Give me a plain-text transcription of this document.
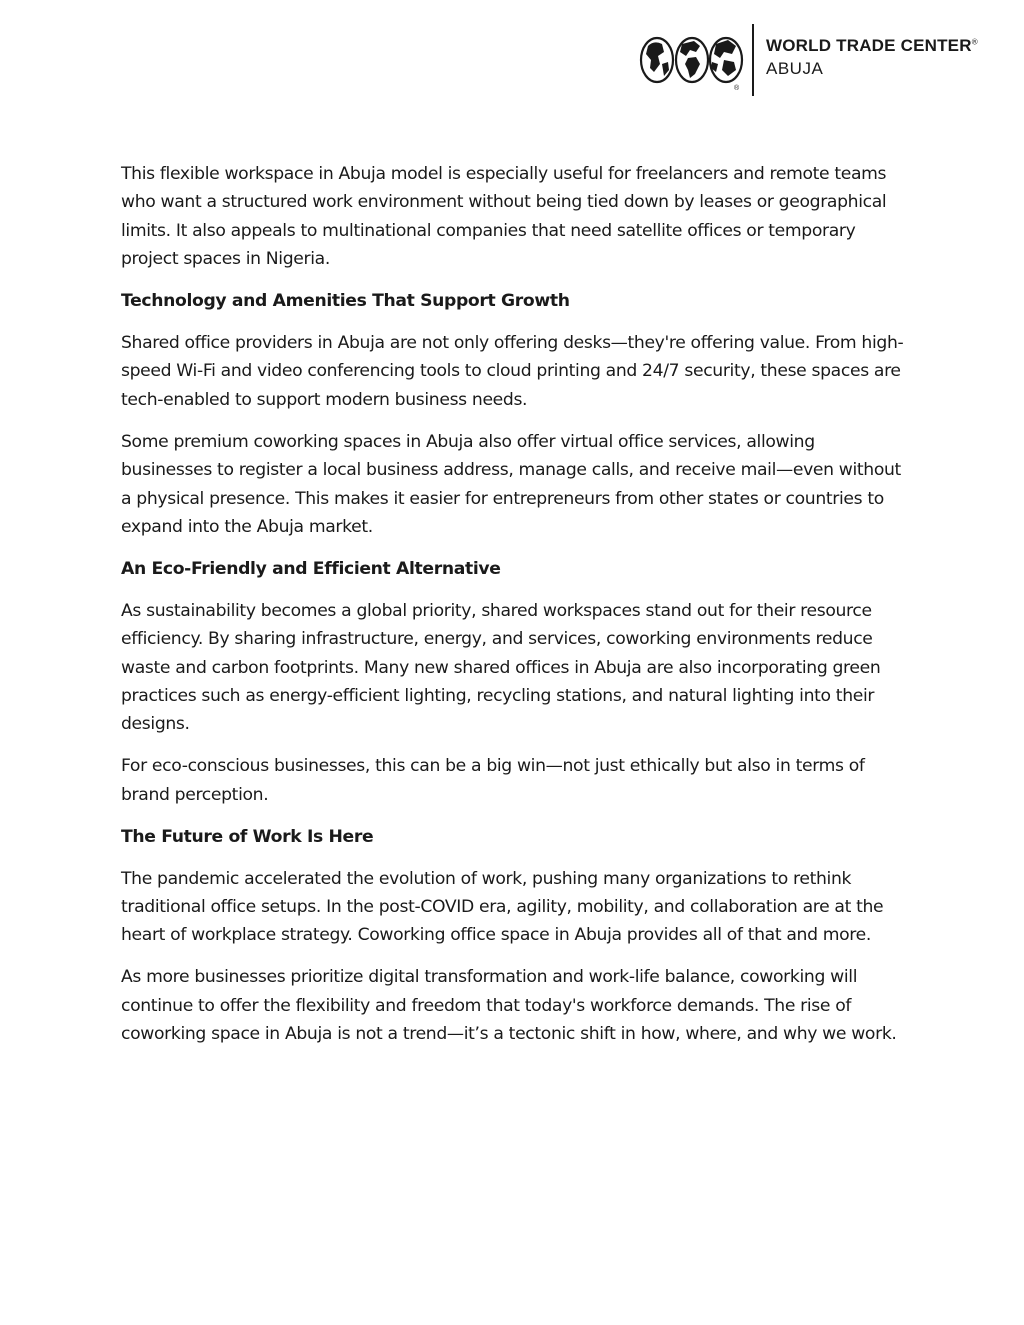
®
WORLD TRADE CENTER®
ABUJA

This flexible workspace in Abuja model is especially useful for freelancers and remote teams who want a structured work environment without being tied down by leases or geographical limits. It also appeals to multinational companies that need satellite offices or temporary project spaces in Nigeria.

Technology and Amenities That Support Growth

Shared office providers in Abuja are not only offering desks—they're offering value. From high-speed Wi-Fi and video conferencing tools to cloud printing and 24/7 security, these spaces are tech-enabled to support modern business needs.

Some premium coworking spaces in Abuja also offer virtual office services, allowing businesses to register a local business address, manage calls, and receive mail—even without a physical presence. This makes it easier for entrepreneurs from other states or countries to expand into the Abuja market.

An Eco-Friendly and Efficient Alternative

As sustainability becomes a global priority, shared workspaces stand out for their resource efficiency. By sharing infrastructure, energy, and services, coworking environments reduce waste and carbon footprints. Many new shared offices in Abuja are also incorporating green practices such as energy-efficient lighting, recycling stations, and natural lighting into their designs.

For eco-conscious businesses, this can be a big win—not just ethically but also in terms of brand perception.

The Future of Work Is Here

The pandemic accelerated the evolution of work, pushing many organizations to rethink traditional office setups. In the post-COVID era, agility, mobility, and collaboration are at the heart of workplace strategy. Coworking office space in Abuja provides all of that and more.

As more businesses prioritize digital transformation and work-life balance, coworking will continue to offer the flexibility and freedom that today's workforce demands. The rise of coworking space in Abuja is not a trend—it’s a tectonic shift in how, where, and why we work.
